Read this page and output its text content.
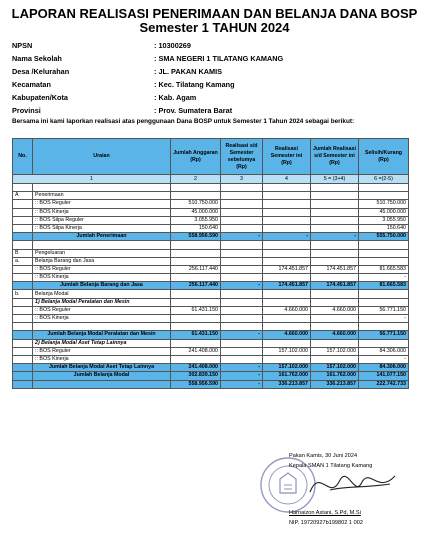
LAPORAN REALISASI PENERIMAAN DAN BELANJA DANA BOSP
Semester 1 TAHUN 2024
NPSN	: 10300269
Nama Sekolah	: SMA NEGERI 1 TILATANG KAMANG
Desa /Kelurahan	: JL. PAKAN KAMIS
Kecamatan	: Kec. Tilatang Kamang
Kabupaten/Kota	: Kab. Agam
Provinsi	: Prov. Sumatera Barat
Bersama ini kami laporkan realisasi atas penggunaan Dana BOSP untuk Semester 1 Tahun 2024 sebagai berikut:
No.	Uraian	Jumlah Anggaran (Rp)	Realisasi s/d Semester sebelumya (Rp)	Realisasi Semester ini (Rp)	Jumlah Realisasi s/d Semester ini (Rp)	Selisih/Kurang (Rp)
1		2	3	4	5 = (3+4)	6 =(2-5)

A	Penerimaan					
	:: BOS Reguler	510.750.000				510.750.000
	:: BOS Kinerja	45.000.000				45.000.000
	:: BOS Silpa Reguler	3.055.950				3.055.950
	:: BOS Silpa Kinerja	150.640				150.640
	Jumlah Penerimaan	558.956.590	-	-	-	555.750.000

B	Pengeluaran					
a.	Belanja Barang dan Jasa					
	:: BOS Reguler	256.117.440		174.451.857	174.451.857	81.665.583
	:: BOS Kinerja					-
	Jumlah Belanja Barang dan Jasa	256.117.440	-	174.451.857	174.451.857	81.665.583
b.	Belanja Modal					
	1) Belanja Modal Peralatan dan Mesin					
	:: BOS Reguler	61.431.150		4.660.000	4.660.000	56.771.150
	:: BOS Kinerja					-

	Jumlah Belanja Modal Peralatan dan Mesin	61.431.150	-	4.660.000	4.660.000	56.771.150
	2) Belanja Modal Aset Tetap Lainnya					
	:: BOS Reguler	241.408.000		157.102.000	157.102.000	84.306.000
	:: BOS Kinerja					-
	Jumlah Belanja Modal Aset Tetap Lainnya	241.408.000	-	157.102.000	157.102.000	84.306.000
	Jumlah Belanja Modal	302.839.150	-	161.762.000	161.762.000	141.077.150
		558.956.590	-	336.213.857	336.213.857	222.742.733
Pakan Kamis, 30 Juni 2024
Kepala SMAN 1 Tilatang Kamang
Harnaizon Astani, S.Pd, M.Si
NIP. 19720927b199802 1 002
